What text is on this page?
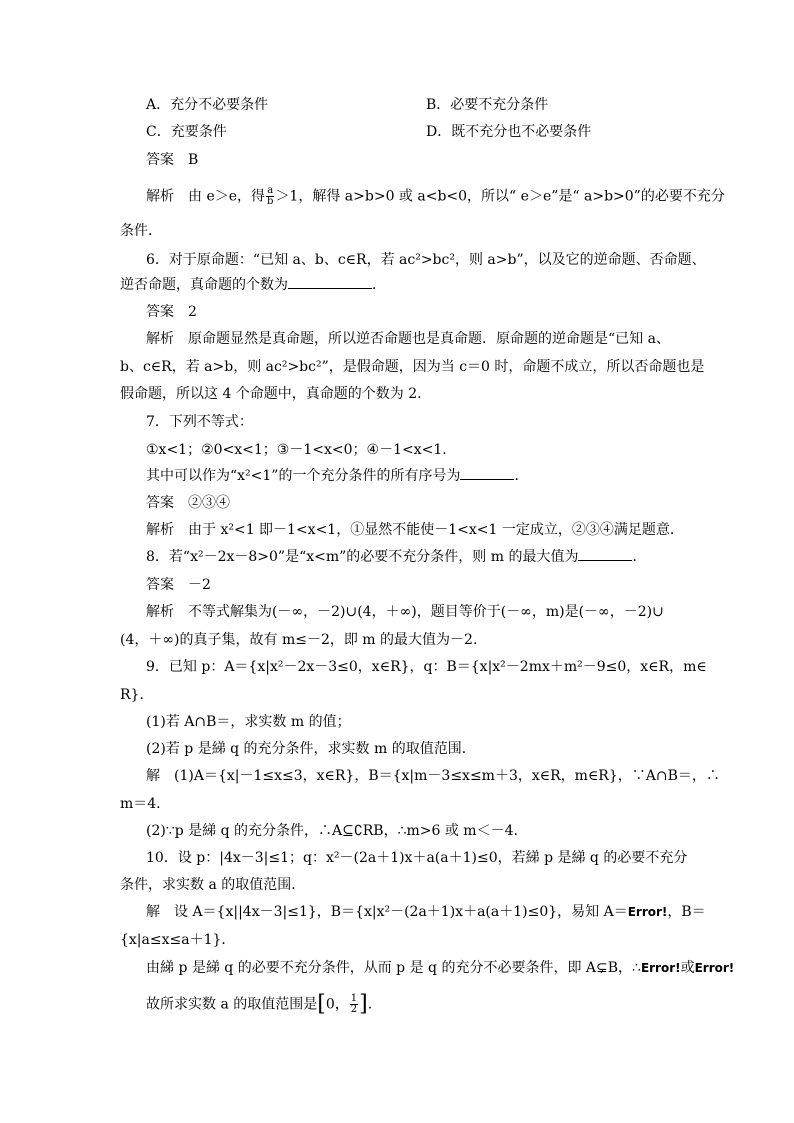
A．充分不必要条件	B．必要不充分条件
C．充要条件	D．既不充分也不必要条件
答案　B
解析　由 e＞e，得 $\frac{a}{b} >1$，解得 a>b>0 或 a<b<0，所以“ e＞e”是“ a>b>0”的必要不充分
条件．
6．对于原命题：“已知 a、b、c∈R，若 ac²>bc²，则 a>b”，以及它的逆命题、否命题、
逆否命题，真命题的个数为	．
答案　2
解析　原命题显然是真命题，所以逆否命题也是真命题．原命题的逆命题是“已知 a、
b、c∈R，若 a>b，则 ac²>bc²”，是假命题，因为当 c＝0 时，命题不成立，所以否命题也是
假命题，所以这 4 个命题中，真命题的个数为 2.
7．下列不等式：
①x<1；②0<x<1；③－1<x<0；④－1<x<1.
其中可以作为“x²<1”的一个充分条件的所有序号为	．
答案　②③④
解析　由于 x²<1 即－1<x<1，①显然不能使－1<x<1 一定成立，②③④满足题意．
8．若“x²－2x－8>0”是“x<m”的必要不充分条件，则 m 的最大值为	．
答案　－2
解析　不等式解集为(－∞，－2)∪(4，＋∞)，题目等价于(－∞，m)是(－∞，－2)∪
(4，＋∞)的真子集，故有 m≤－2，即 m 的最大值为－2.
9．已知 p：A＝{x|x²－2x－3≤0，x∈R}，q：B＝{x|x²－2mx＋m²－9≤0，x∈R，m∈
R}．
(1)若 A∩B＝，求实数 m 的值；
(2)若 p 是綈 q 的充分条件，求实数 m 的取值范围．
解　(1)A＝{x|－1≤x≤3，x∈R}，B＝{x|m－3≤x≤m＋3，x∈R，m∈R}，∵A∩B＝，∴
m＝4.
(2)∵p 是綈 q 的充分条件，∴A⊆∁RB，∴m>6 或 m＜－4.
10．设 p：|4x－3|≤1；q：x²－(2a＋1)x＋a(a＋1)≤0，若綈 p 是綈 q 的必要不充分
条件，求实数 a 的取值范围．
解　设 A＝{x||4x－3|≤1}，B＝{x|x²－(2a＋1)x＋a(a＋1)≤0}，易知 A＝Error!，B＝
{x|a≤x≤a＋1}．
由綈 p 是綈 q 的必要不充分条件，从而 p 是 q 的充分不必要条件，即 A⊊B，∴Error!或Error!
故所求实数 a 的取值范围是[0， $\frac{1}{2}$ ].
